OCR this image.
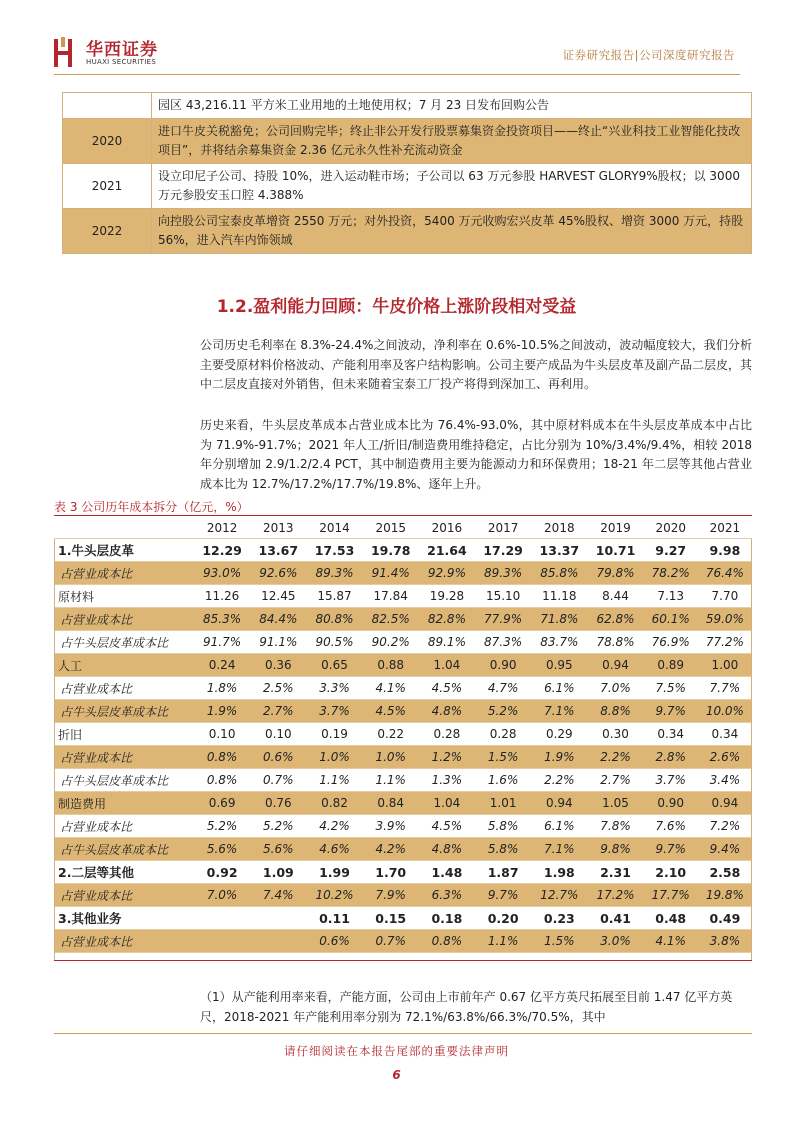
华西证券
HUAXI SECURITIES	证券研究报告|公司深度研究报告
	园区 43,216.11 平方米工业用地的土地使用权；7 月 23 日发布回购公告
2020	进口牛皮关税豁免；公司回购完毕；终止非公开发行股票募集资金投资项目——终止“兴业科技工业智能化技改项目”，并将结余募集资金 2.36 亿元永久性补充流动资金
2021	设立印尼子公司、持股 10%，进入运动鞋市场；子公司以 63 万元参股 HARVEST GLORY9%股权；以 3000 万元参股安玉口腔 4.388%
2022	向控股公司宝泰皮革增资 2550 万元；对外投资，5400 万元收购宏兴皮革 45%股权、增资 3000 万元，持股56%，进入汽车内饰领域
1.2.盈利能力回顾：牛皮价格上涨阶段相对受益
公司历史毛利率在 8.3%-24.4%之间波动，净利率在 0.6%-10.5%之间波动，波动幅度较大，我们分析主要受原材料价格波动、产能利用率及客户结构影响。公司主要产成品为牛头层皮革及副产品二层皮，其中二层皮直接对外销售，但未来随着宝泰工厂投产将得到深加工、再利用。
历史来看，牛头层皮革成本占营业成本比为 76.4%-93.0%，其中原材料成本在牛头层皮革成本中占比为 71.9%-91.7%；2021 年人工/折旧/制造费用维持稳定，占比分别为 10%/3.4%/9.4%，相较 2018 年分别增加 2.9/1.2/2.4 PCT，其中制造费用主要为能源动力和环保费用；18-21 年二层等其他占营业成本比为 12.7%/17.2%/17.7%/19.8%、逐年上升。
表 3 公司历年成本拆分（亿元，%）
	2012	2013	2014	2015	2016	2017	2018	2019	2020	2021
1.牛头层皮革	12.29	13.67	17.53	19.78	21.64	17.29	13.37	10.71	9.27	9.98
占营业成本比	93.0%	92.6%	89.3%	91.4%	92.9%	89.3%	85.8%	79.8%	78.2%	76.4%
原材料	11.26	12.45	15.87	17.84	19.28	15.10	11.18	8.44	7.13	7.70
占营业成本比	85.3%	84.4%	80.8%	82.5%	82.8%	77.9%	71.8%	62.8%	60.1%	59.0%
占牛头层皮革成本比	91.7%	91.1%	90.5%	90.2%	89.1%	87.3%	83.7%	78.8%	76.9%	77.2%
人工	0.24	0.36	0.65	0.88	1.04	0.90	0.95	0.94	0.89	1.00
占营业成本比	1.8%	2.5%	3.3%	4.1%	4.5%	4.7%	6.1%	7.0%	7.5%	7.7%
占牛头层皮革成本比	1.9%	2.7%	3.7%	4.5%	4.8%	5.2%	7.1%	8.8%	9.7%	10.0%
折旧	0.10	0.10	0.19	0.22	0.28	0.28	0.29	0.30	0.34	0.34
占营业成本比	0.8%	0.6%	1.0%	1.0%	1.2%	1.5%	1.9%	2.2%	2.8%	2.6%
占牛头层皮革成本比	0.8%	0.7%	1.1%	1.1%	1.3%	1.6%	2.2%	2.7%	3.7%	3.4%
制造费用	0.69	0.76	0.82	0.84	1.04	1.01	0.94	1.05	0.90	0.94
占营业成本比	5.2%	5.2%	4.2%	3.9%	4.5%	5.8%	6.1%	7.8%	7.6%	7.2%
占牛头层皮革成本比	5.6%	5.6%	4.6%	4.2%	4.8%	5.8%	7.1%	9.8%	9.7%	9.4%
2.二层等其他	0.92	1.09	1.99	1.70	1.48	1.87	1.98	2.31	2.10	2.58
占营业成本比	7.0%	7.4%	10.2%	7.9%	6.3%	9.7%	12.7%	17.2%	17.7%	19.8%
3.其他业务			0.11	0.15	0.18	0.20	0.23	0.41	0.48	0.49
占营业成本比			0.6%	0.7%	0.8%	1.1%	1.5%	3.0%	4.1%	3.8%
（1）从产能利用率来看，产能方面，公司由上市前年产 0.67 亿平方英尺拓展至目前 1.47 亿平方英尺，2018-2021 年产能利用率分别为 72.1%/63.8%/66.3%/70.5%，其中
请仔细阅读在本报告尾部的重要法律声明
6
